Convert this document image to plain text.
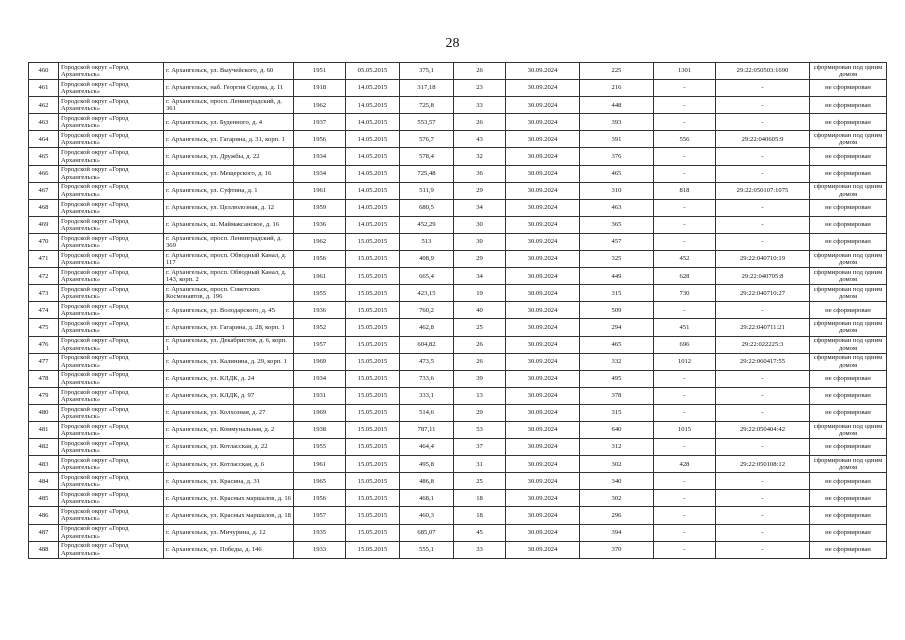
28
460	Городской округ «Город Архангельск»	г. Архангельск, ул. Выучейского, д. 60	1951	05.05.2015	375,1	26	30.09.2024	225	1301	29:22:050503:1690	сформирован под одним домом
461	Городской округ «Город Архангельск»	г. Архангельск, наб. Георгия Седова, д. 11	1918	14.05.2015	317,18	23	30.09.2024	216	-	-	не сформирован
462	Городской округ «Город Архангельск»	г. Архангельск, просп. Ленинградский, д. 361	1962	14.05.2015	725,8	33	30.09.2024	448	-	-	не сформирован
463	Городской округ «Город Архангельск»	г. Архангельск, ул. Буденного, д. 4	1937	14.05.2015	553,57	26	30.09.2024	393	-	-	не сформирован
464	Городской округ «Город Архангельск»	г. Архангельск, ул. Гагарина, д. 31, корп. 1	1956	14.05.2015	576,7	43	30.09.2024	391	556	29:22:040605:9	сформирован под одним домом
465	Городской округ «Город Архангельск»	г. Архангельск, ул. Дружбы, д. 22	1934	14.05.2015	578,4	32	30.09.2024	376	-	-	не сформирован
466	Городской округ «Город Архангельск»	г. Архангельск, ул. Мещерского, д. 16	1934	14.05.2015	725,48	36	30.09.2024	465	-	-	не сформирован
467	Городской округ «Город Архангельск»	г. Архангельск, ул. Суфтина, д. 1	1961	14.05.2015	511,9	29	30.09.2024	310	818	29:22:050107:1075	сформирован под одним домом
468	Городской округ «Город Архангельск»	г. Архангельск, ул. Целлюлозная, д. 12	1959	14.05.2015	680,5	34	30.09.2024	463	-	-	не сформирован
469	Городской округ «Город Архангельск»	г. Архангельск, ш. Маймаксанское, д. 16	1936	14.05.2015	452,29	30	30.09.2024	365	-	-	не сформирован
470	Городской округ «Город Архангельск»	г. Архангельск, просп. Ленинградский, д. 369	1962	15.05.2015	513	30	30.09.2024	457	-	-	не сформирован
471	Городской округ «Город Архангельск»	г. Архангельск, просп. Обводный Канал, д. 117	1956	15.05.2015	408,9	29	30.09.2024	325	452	29:22:040710:19	сформирован под одним домом
472	Городской округ «Город Архангельск»	г. Архангельск, просп. Обводный Канал, д. 143, корп. 2	1961	15.05.2015	665,4	34	30.09.2024	449	628	29:22:040705:8	сформирован под одним домом
473	Городской округ «Город Архангельск»	г. Архангельск, просп. Советских Космонавтов, д. 196	1955	15.05.2015	423,15	19	30.09.2024	315	730	29:22:040710:27	сформирован под одним домом
474	Городской округ «Город Архангельск»	г. Архангельск, ул. Володарского, д. 45	1936	15.05.2015	760,2	40	30.09.2024	509	-	-	не сформирован
475	Городской округ «Город Архангельск»	г. Архангельск, ул. Гагарина, д. 28, корп. 1	1952	15.05.2015	462,8	25	30.09.2024	294	451	29:22:040711:21	сформирован под одним домом
476	Городской округ «Город Архангельск»	г. Архангельск, ул. Декабристов, д. 6, корп. 1	1957	15.05.2015	604,82	26	30.09.2024	465	696	29:22:022225:3	сформирован под одним домом
477	Городской округ «Город Архангельск»	г. Архангельск, ул. Калинина, д. 29, корп. 1	1969	15.05.2015	473,5	26	30.09.2024	332	1012	29:22:060417:55	сформирован под одним домом
478	Городской округ «Город Архангельск»	г. Архангельск, ул. КЛДК, д. 24	1934	15.05.2015	733,6	39	30.09.2024	495	-	-	не сформирован
479	Городской округ «Город Архангельск»	г. Архангельск, ул. КЛДК, д. 97	1931	15.05.2015	333,1	13	30.09.2024	378	-	-	не сформирован
480	Городской округ «Город Архангельск»	г. Архангельск, ул. Колхозная, д. 27	1969	15.05.2015	514,6	29	30.09.2024	315	-	-	не сформирован
481	Городской округ «Город Архангельск»	г. Архангельск, ул. Коммунальная, д. 2	1938	15.05.2015	787,11	53	30.09.2024	640	1015	29:22:050404:42	сформирован под одним домом
482	Городской округ «Город Архангельск»	г. Архангельск, ул. Котласская, д. 22	1955	15.05.2015	464,4	37	30.09.2024	312	-	-	не сформирован
483	Городской округ «Город Архангельск»	г. Архангельск, ул. Котласская, д. 6	1961	15.05.2015	495,8	31	30.09.2024	302	428	29:22:050108:12	сформирован под одним домом
484	Городской округ «Город Архангельск»	г. Архангельск, ул. Красина, д. 31	1965	15.05.2015	486,8	25	30.09.2024	340	-	-	не сформирован
485	Городской округ «Город Архангельск»	г. Архангельск, ул. Красных маршалов, д. 16	1956	15.05.2015	468,1	18	30.09.2024	302	-	-	не сформирован
486	Городской округ «Город Архангельск»	г. Архангельск, ул. Красных маршалов, д. 18	1957	15.05.2015	460,3	18	30.09.2024	296	-	-	не сформирован
487	Городской округ «Город Архангельск»	г. Архангельск, ул. Мичурина, д. 12	1935	15.05.2015	685,07	45	30.09.2024	394	-	-	не сформирован
488	Городской округ «Город Архангельск»	г. Архангельск, ул. Победы, д. 146	1933	15.05.2015	555,1	33	30.09.2024	370	-	-	не сформирован
